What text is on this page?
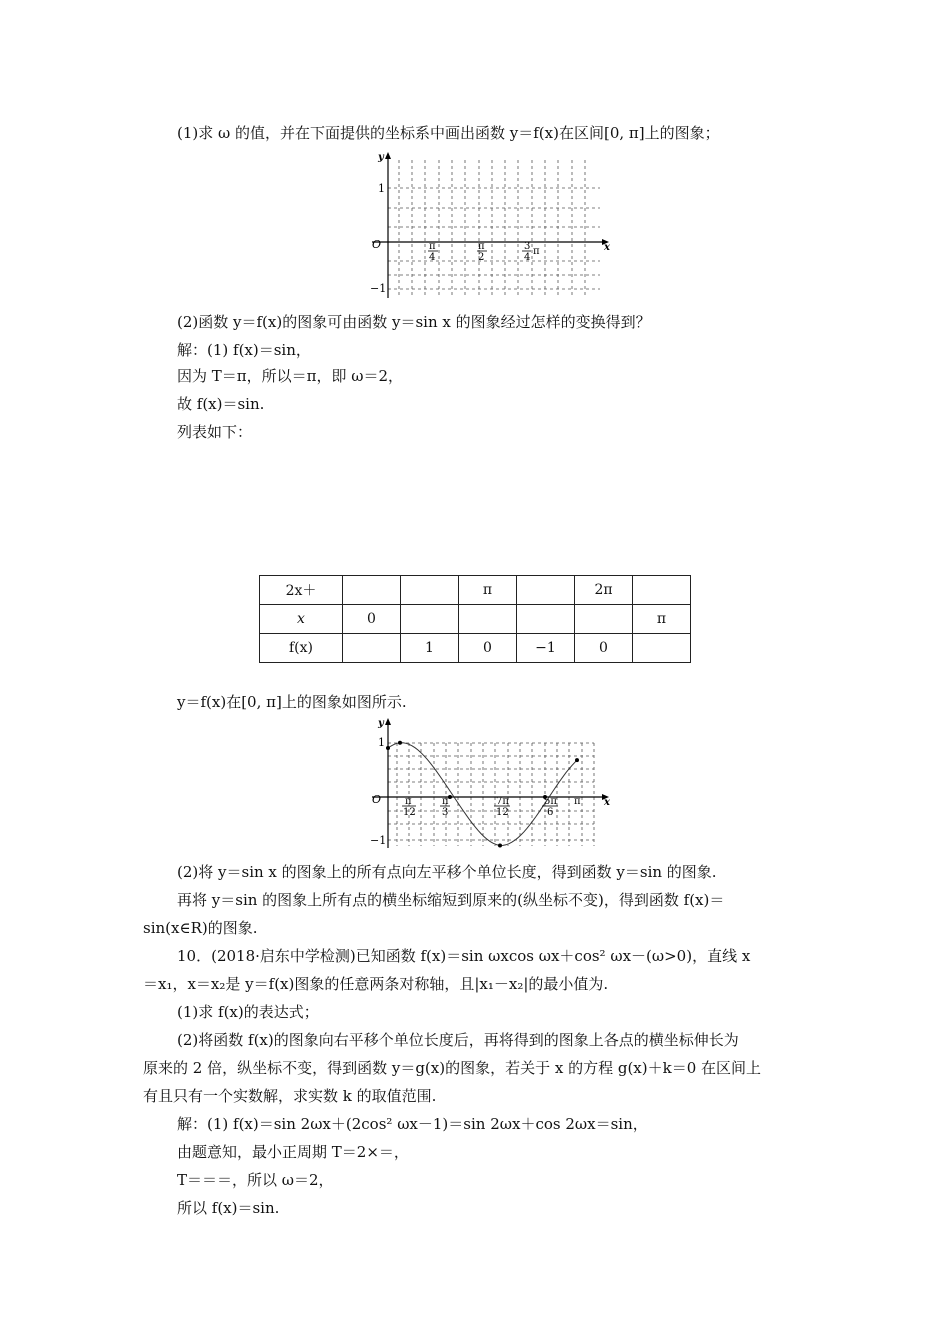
(1)求 ω 的值，并在下面提供的坐标系中画出函数 y＝f(x)在区间[0, π]上的图象；
y
x
O
1
−1
π
4
π
2
3
4
π
(2)函数 y＝f(x)的图象可由函数 y＝sin x 的图象经过怎样的变换得到？
解：(1) f(x)＝sin，
因为 T＝π，所以＝π，即 ω＝2，
故 f(x)＝sin.
列表如下：
2x＋			π		2π	
x	0					π
f(x)		1	0	−1	0	
y＝f(x)在[0, π]上的图象如图所示.
y
x
O
1
−1
π
12
π
3
7π
12
5π
6
π
(2)将 y＝sin x 的图象上的所有点向左平移个单位长度，得到函数 y＝sin 的图象.
再将 y＝sin 的图象上所有点的横坐标缩短到原来的(纵坐标不变)，得到函数 f(x)＝
sin(x∈R)的图象.
10．(2018·启东中学检测)已知函数 f(x)＝sin ωxcos ωx＋cos² ωx－(ω>0)，直线 x
＝x₁，x＝x₂是 y＝f(x)图象的任意两条对称轴，且|x₁－x₂|的最小值为.
(1)求 f(x)的表达式；
(2)将函数 f(x)的图象向右平移个单位长度后，再将得到的图象上各点的横坐标伸长为
原来的 2 倍，纵坐标不变，得到函数 y＝g(x)的图象，若关于 x 的方程 g(x)＋k＝0 在区间上
有且只有一个实数解，求实数 k 的取值范围.
解：(1) f(x)＝sin 2ωx＋(2cos² ωx－1)＝sin 2ωx＋cos 2ωx＝sin，
由题意知，最小正周期 T＝2×＝，
T＝＝＝，所以 ω＝2，
所以 f(x)＝sin.
